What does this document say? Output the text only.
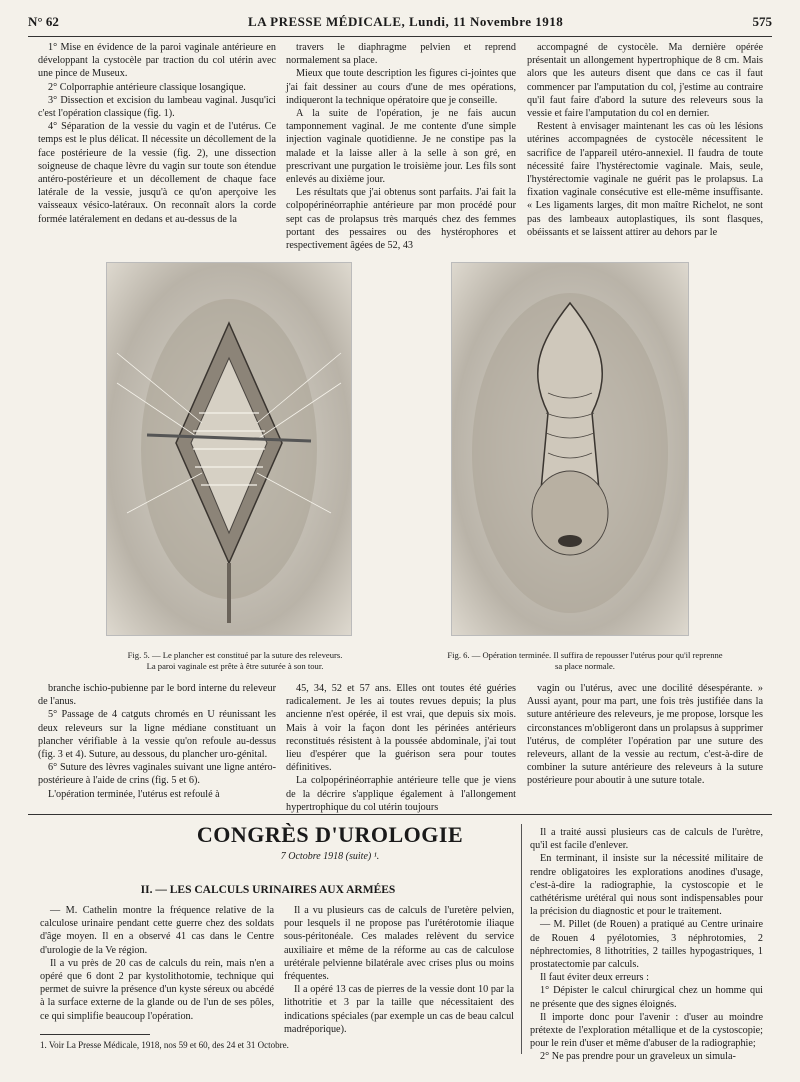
N° 62	LA PRESSE MÉDICALE, Lundi, 11 Novembre 1918	575

1° Mise en évidence de la paroi vaginale antérieure en développant la cystocèle par traction du col utérin avec une pince de Museux.

2° Colporraphie antérieure classique losangique.

3° Dissection et excision du lambeau vaginal. Jusqu'ici c'est l'opération classique (fig. 1).

4° Séparation de la vessie du vagin et de l'utérus. Ce temps est le plus délicat. Il nécessite un décollement de la face postérieure de la vessie (fig. 2), une dissection soigneuse de chaque lèvre du vagin sur toute son étendue antéro-postérieure et un décollement de chaque face latérale de la vessie, jusqu'à ce qu'on aperçoive les vaisseaux vésico-latéraux. On reconnaît alors la corde formée latéralement en dedans et au-dessus de la

travers le diaphragme pelvien et reprend normalement sa place.

Mieux que toute description les figures ci-jointes que j'ai fait dessiner au cours d'une de mes opérations, indiqueront la technique opératoire que je conseille.

A la suite de l'opération, je ne fais aucun tamponnement vaginal. Je me contente d'une simple injection vaginale quotidienne. Je ne constipe pas la malade et la laisse aller à la selle à son gré, en prescrivant une purgation le troisième jour. Les fils sont enlevés au dixième jour.

Les résultats que j'ai obtenus sont parfaits. J'ai fait la colpopérinéorraphie antérieure par mon procédé pour sept cas de prolapsus très marqués chez des femmes portant des pessaires ou des hystérophores et respectivement âgées de 52, 43

accompagné de cystocèle. Ma dernière opérée présentait un allongement hypertrophique de 8 cm. Mais alors que les auteurs disent que dans ce cas il faut commencer par l'amputation du col, j'estime au contraire qu'il faut faire d'abord la suture des releveurs sous la vessie et faire l'amputation du col en dernier.

Restent à envisager maintenant les cas où les lésions utérines accompagnées de cystocèle nécessitent le sacrifice de l'appareil utéro-annexiel. Il faudra de toute nécessité faire l'hystérectomie vaginale. Mais, seule, l'hystérectomie vaginale ne guérit pas le prolapsus. La fixation vaginale consécutive est elle-même insuffisante. « Les ligaments larges, dit mon maître Richelot, ne sont pas des lambeaux autoplastiques, ils sont flasques, obéissants et se laissent attirer au dehors par le

Fig. 5. — Le plancher est constitué par la suture des releveurs.
La paroi vaginale est prête à être suturée à son tour.
Fig. 6. — Opération terminée. Il suffira de repousser l'utérus pour qu'il reprenne
sa place normale.

branche ischio-pubienne par le bord interne du releveur de l'anus.

5° Passage de 4 catguts chromés en U réunissant les deux releveurs sur la ligne médiane constituant un plancher vérifiable à la vessie qu'on refoule au-dessus (fig. 3 et 4). Suture, au dessous, du plancher uro-génital.

6° Suture des lèvres vaginales suivant une ligne antéro-postérieure à l'aide de crins (fig. 5 et 6).

L'opération terminée, l'utérus est refoulé à

45, 34, 52 et 57 ans. Elles ont toutes été guéries radicalement. Je les ai toutes revues depuis; la plus ancienne n'est opérée, il est vrai, que depuis six mois. Mais à voir la façon dont les périnées antérieurs reconstitués résistent à la poussée abdominale, j'ai tout lieu d'espérer que la guérison sera pour toutes définitives.

La colpopérinéorraphie antérieure telle que je viens de la décrire s'applique également à l'allongement hypertrophique du col utérin toujours

vagin ou l'utérus, avec une docilité désespérante. » Aussi ayant, pour ma part, une fois très justifiée dans la suture antérieure des releveurs, je me propose, lorsque les circonstances m'obligeront dans un prolapsus à supprimer l'utérus, de compléter l'opération par une suture des releveurs, allant de la vessie au rectum, c'est-à-dire de combiner la suture antérieure des releveurs à la suture postérieure pour aboutir à une suture totale.

CONGRÈS D'UROLOGIE
7 Octobre 1918 (suite) ¹.
II. — LES CALCULS URINAIRES AUX ARMÉES

— M. Cathelin montre la fréquence relative de la calculose urinaire pendant cette guerre chez des soldats d'âge moyen. Il en a observé 41 cas dans le Centre d'urologie de la Ve région.

Il a vu près de 20 cas de calculs du rein, mais n'en a opéré que 6 dont 2 par kystolithotomie, technique qui permet de suivre la présence d'un kyste séreux ou abcédé à la surface externe de la glande ou de l'un de ses pôles, ce qui simplifie beaucoup l'opération.

Il a vu plusieurs cas de calculs de l'uretère pelvien, pour lesquels il ne propose pas l'urétérotomie iliaque sous-péritonéale. Ces malades relèvent du service auxiliaire et même de la réforme au cas de calculose urétérale pelvienne bilatérale avec crises plus ou moins fréquentes.

Il a opéré 13 cas de pierres de la vessie dont 10 par la lithotritie et 3 par la taille que nécessitaient des indications spéciales (par exemple un cas de beau calcul madréporique).

Il a traité aussi plusieurs cas de calculs de l'urètre, qu'il est facile d'enlever.

En terminant, il insiste sur la nécessité militaire de rendre obligatoires les explorations anodines d'usage, c'est-à-dire la radiographie, la cystoscopie et le cathétérisme urétéral qui nous sont indispensables pour la précision du diagnostic et pour le traitement.

— M. Pillet (de Rouen) a pratiqué au Centre urinaire de Rouen 4 pyélotomies, 3 néphrotomies, 2 néphrectomies, 8 lithotrities, 2 tailles hypogastriques, 1 prostatectomie par calculs.

Il faut éviter deux erreurs :

1° Dépister le calcul chirurgical chez un homme qui ne présente que des signes éloignés.

Il importe donc pour l'avenir : d'user au moindre prétexte de l'exploration métallique et de la cystoscopie; pour le rein d'user et même d'abuser de la radiographie;

2° Ne pas prendre pour un graveleux un simula-

1. Voir La Presse Médicale, 1918, nos 59 et 60, des 24 et 31 Octobre.
